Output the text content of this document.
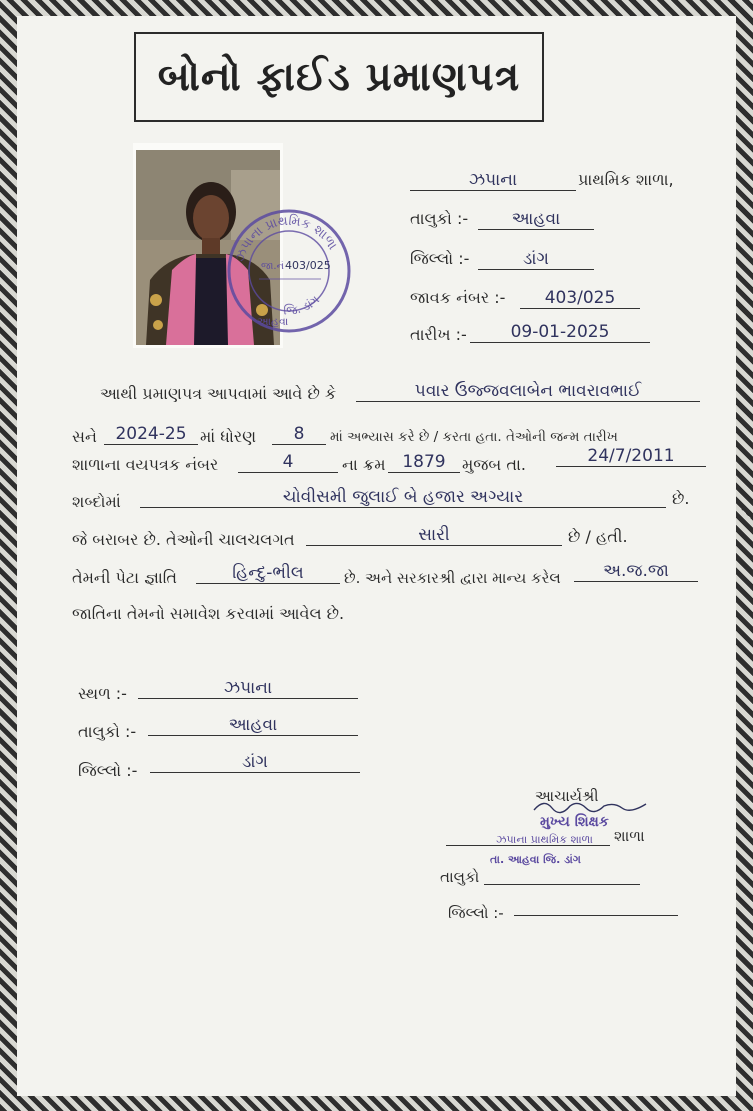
બોનો ફાઈડ પ્રમાણપત્ર
ઝપાના પ્રાથમિક શાળા
જિ. ડાંગ
જા.નં 403/025
આહવા
ઝપાના	પ્રાથમિક શાળા,
તાલુકો :-	આહવા
જિલ્લો :-	ડાંગ
જાવક નંબર :-	403/025
તારીખ :-	09-01-2025
આથી પ્રમાણપત્ર આપવામાં આવે છે કે	પવાર ઉજ્જવલાબેન ભાવરાવભાઈ
સને	2024-25 માં ધોરણ	8	માં અભ્યાસ કરે છે / કરતા હતા. તેઓની જન્મ તારીખ
શાળાના વયપત્રક નંબર	4	ના ક્રમ 1879	મુજબ તા.	24/7/2011
શબ્દોમાં	ચોવીસમી જુલાઈ બે હજાર અગ્યાર	છે.
જે બરાબર છે. તેઓની ચાલચલગત	સારી	છે / હતી.
તેમની પેટા જ્ઞાતિ	હિન્દુ-ભીલ	છે. અને સરકારશ્રી દ્વારા માન્ય કરેલ	અ.જ.જા
જાતિના તેમનો સમાવેશ કરવામાં આવેલ છે.
સ્થળ :-	ઝપાના
તાલુકો :-	આહવા
જિલ્લો :-	ડાંગ
આચાર્યશ્રી
મુખ્ય શિક્ષક
ઝપાના પ્રાથમિક શાળા શાળા
તા. આહવા જિ. ડાંગ
તાલુકો
જિલ્લો :-
